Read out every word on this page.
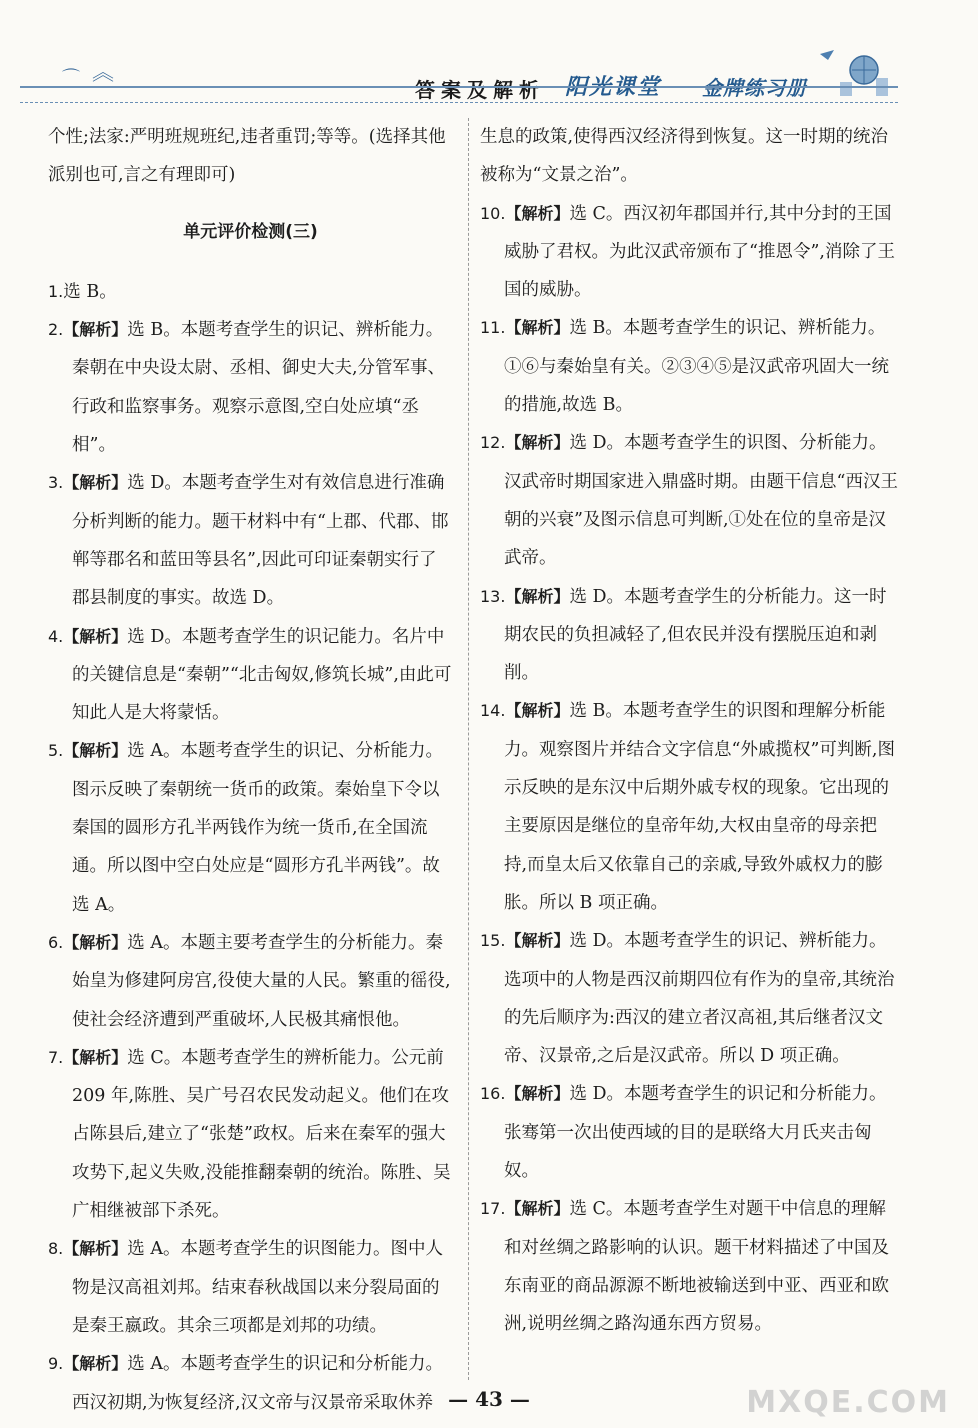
⌒ ︽
答案及解析 阳光课堂 金牌练习册

个性;法家:严明班规班纪,违者重罚;等等。(选择其他派别也可,言之有理即可)

单元评价检测(三)

1.选 B。

2.【解析】选 B。本题考查学生的识记、辨析能力。秦朝在中央设太尉、丞相、御史大夫,分管军事、行政和监察事务。观察示意图,空白处应填“丞相”。

3.【解析】选 D。本题考查学生对有效信息进行准确分析判断的能力。题干材料中有“上郡、代郡、邯郸等郡名和蓝田等县名”,因此可印证秦朝实行了郡县制度的事实。故选 D。

4.【解析】选 D。本题考查学生的识记能力。名片中的关键信息是“秦朝”“北击匈奴,修筑长城”,由此可知此人是大将蒙恬。

5.【解析】选 A。本题考查学生的识记、分析能力。图示反映了秦朝统一货币的政策。秦始皇下令以秦国的圆形方孔半两钱作为统一货币,在全国流通。所以图中空白处应是“圆形方孔半两钱”。故选 A。

6.【解析】选 A。本题主要考查学生的分析能力。秦始皇为修建阿房宫,役使大量的人民。繁重的徭役,使社会经济遭到严重破坏,人民极其痛恨他。

7.【解析】选 C。本题考查学生的辨析能力。公元前 209 年,陈胜、吴广号召农民发动起义。他们在攻占陈县后,建立了“张楚”政权。后来在秦军的强大攻势下,起义失败,没能推翻秦朝的统治。陈胜、吴广相继被部下杀死。

8.【解析】选 A。本题考查学生的识图能力。图中人物是汉高祖刘邦。结束春秋战国以来分裂局面的是秦王嬴政。其余三项都是刘邦的功绩。

9.【解析】选 A。本题考查学生的识记和分析能力。西汉初期,为恢复经济,汉文帝与汉景帝采取休养

生息的政策,使得西汉经济得到恢复。这一时期的统治被称为“文景之治”。

10.【解析】选 C。西汉初年郡国并行,其中分封的王国威胁了君权。为此汉武帝颁布了“推恩令”,消除了王国的威胁。

11.【解析】选 B。本题考查学生的识记、辨析能力。①⑥与秦始皇有关。②③④⑤是汉武帝巩固大一统的措施,故选 B。

12.【解析】选 D。本题考查学生的识图、分析能力。汉武帝时期国家进入鼎盛时期。由题干信息“西汉王朝的兴衰”及图示信息可判断,①处在位的皇帝是汉武帝。

13.【解析】选 D。本题考查学生的分析能力。这一时期农民的负担减轻了,但农民并没有摆脱压迫和剥削。

14.【解析】选 B。本题考查学生的识图和理解分析能力。观察图片并结合文字信息“外戚揽权”可判断,图示反映的是东汉中后期外戚专权的现象。它出现的主要原因是继位的皇帝年幼,大权由皇帝的母亲把持,而皇太后又依靠自己的亲戚,导致外戚权力的膨胀。所以 B 项正确。

15.【解析】选 D。本题考查学生的识记、辨析能力。选项中的人物是西汉前期四位有作为的皇帝,其统治的先后顺序为:西汉的建立者汉高祖,其后继者汉文帝、汉景帝,之后是汉武帝。所以 D 项正确。

16.【解析】选 D。本题考查学生的识记和分析能力。张骞第一次出使西域的目的是联络大月氏夹击匈奴。

17.【解析】选 C。本题考查学生对题干中信息的理解和对丝绸之路影响的认识。题干材料描述了中国及东南亚的商品源源不断地被输送到中亚、西亚和欧洲,说明丝绸之路沟通东西方贸易。

— 43 —	MXQE.COM
